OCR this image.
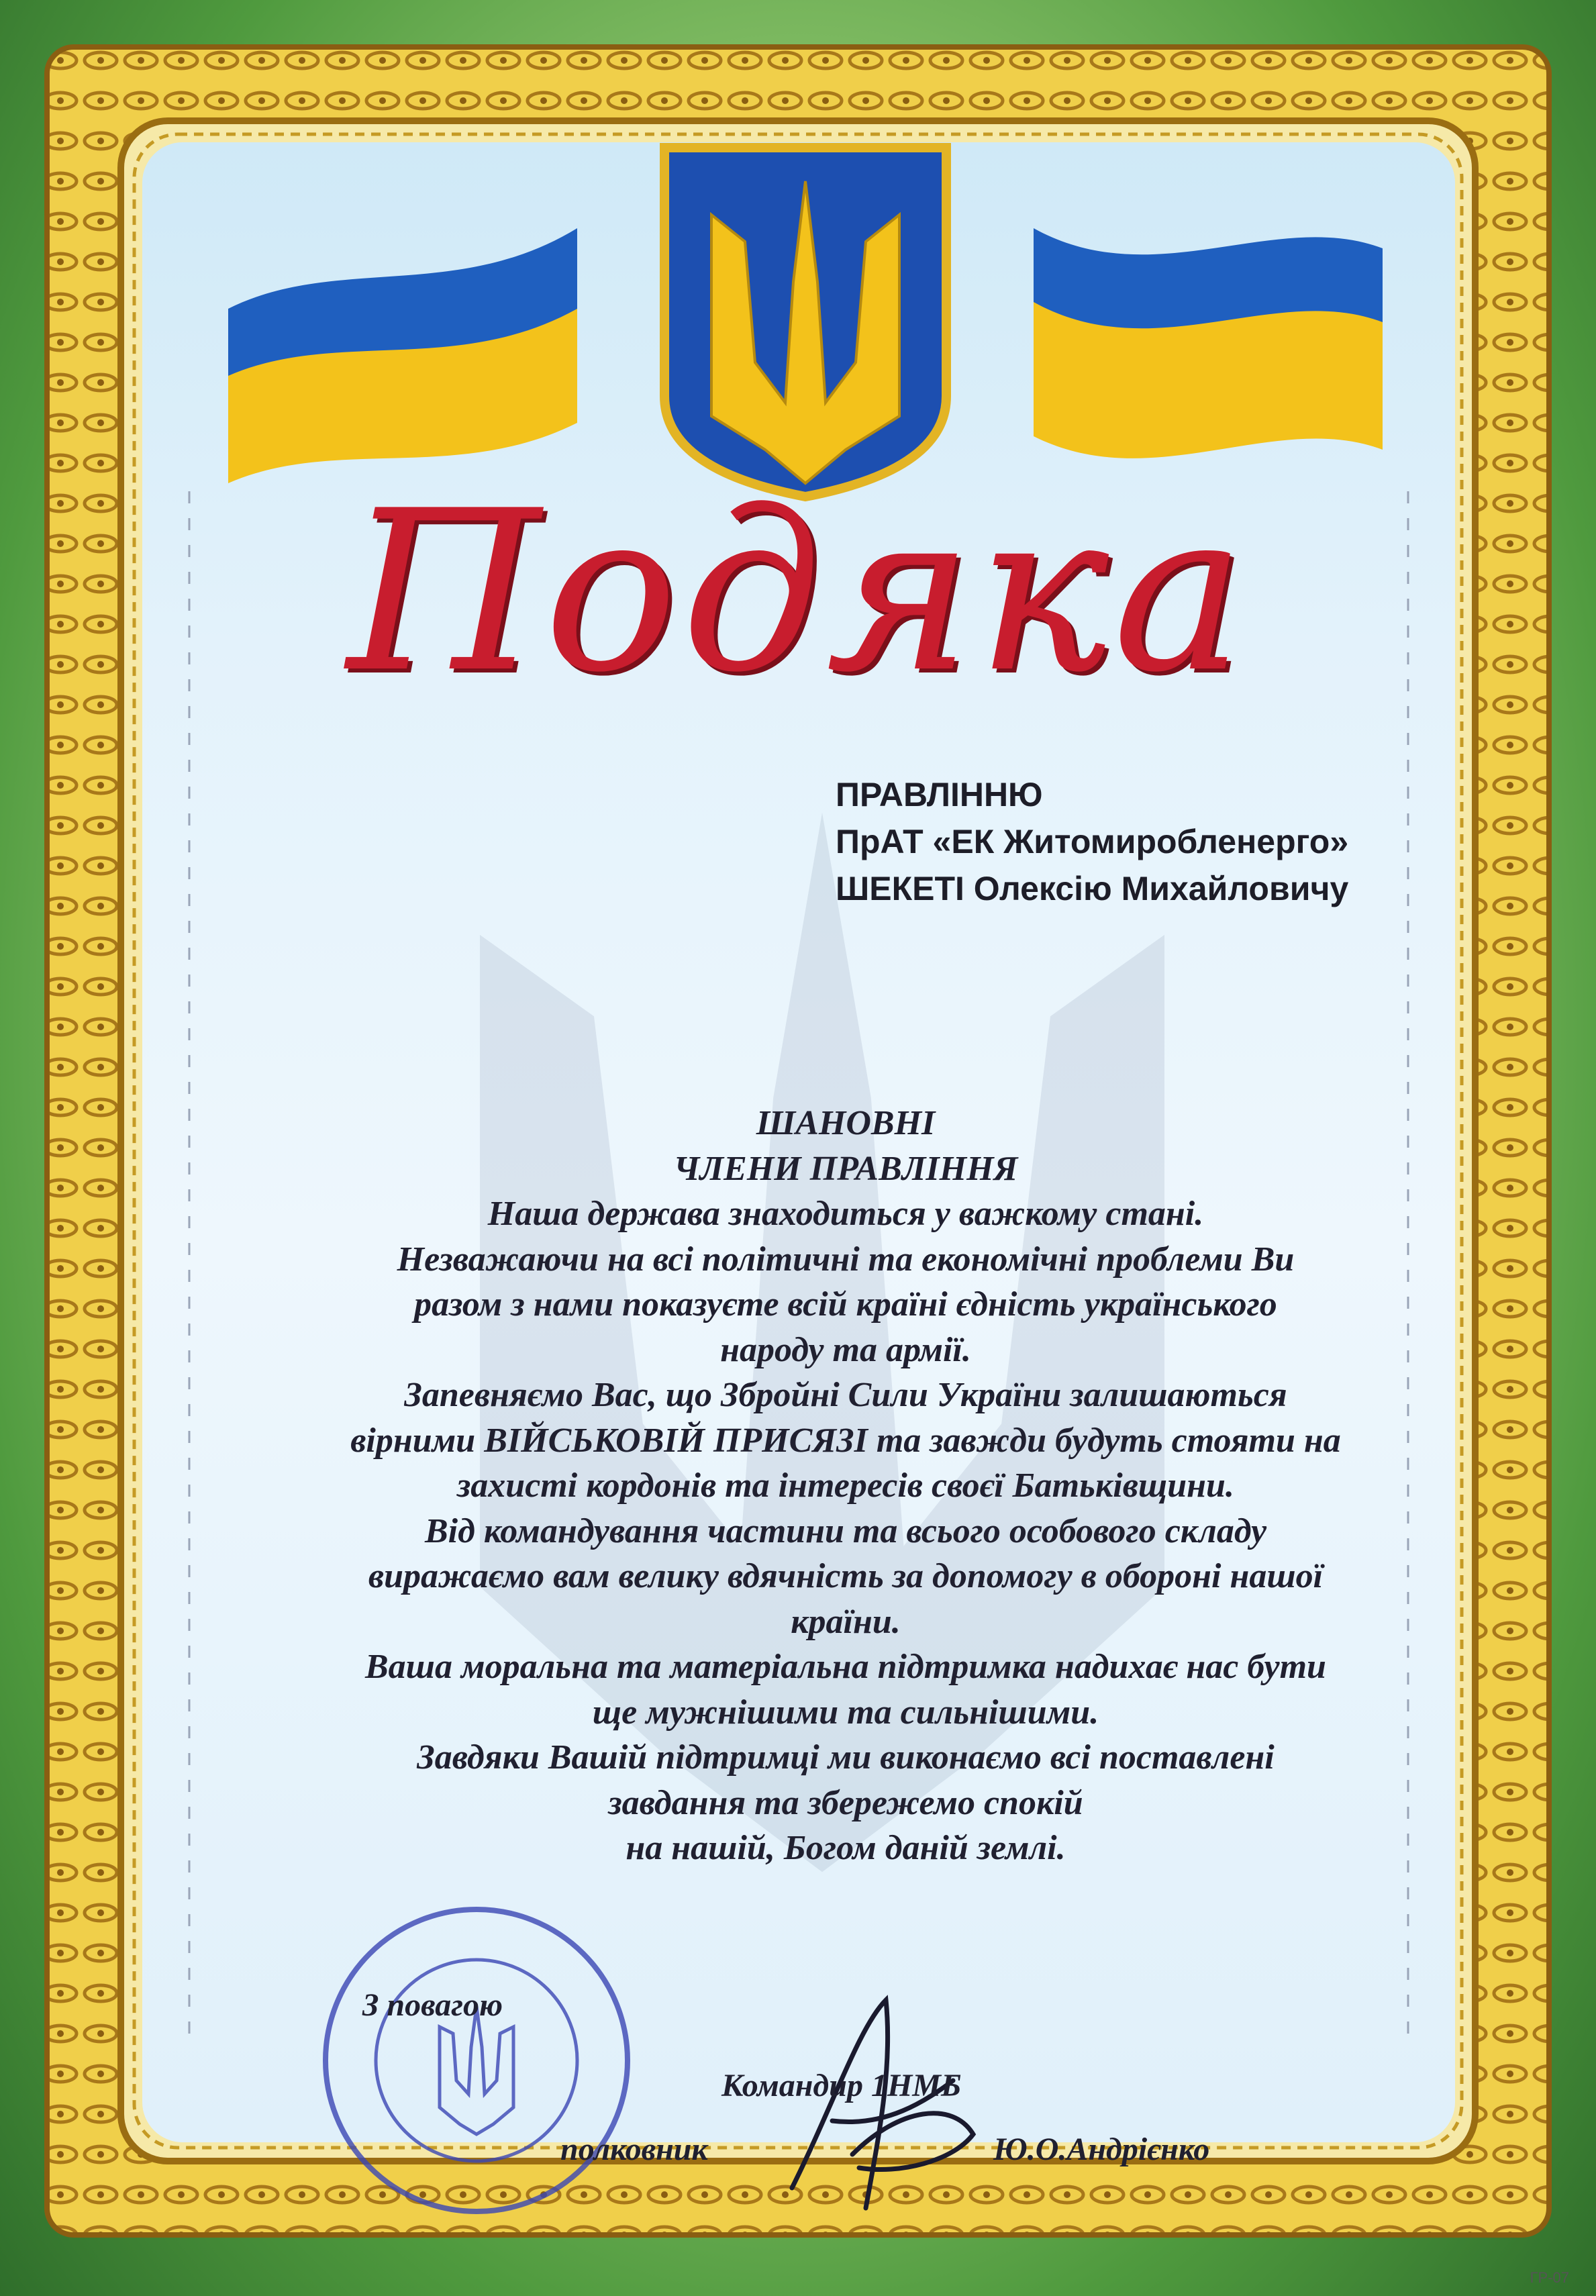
Подяка
ПРАВЛІННЮ
ПрАТ «ЕК Житомиробленерго»
ШЕКЕТІ Олексію Михайловичу
ШАНОВНІ
ЧЛЕНИ ПРАВЛІННЯ
Наша держава знаходиться у важкому стані.
Незважаючи на всі політичні та економічні проблеми Ви
разом з нами показуєте всій країні єдність українського
народу та армії.
Запевняємо Вас, що Збройні Сили України залишаються
вірними ВІЙСЬКОВІЙ ПРИСЯЗІ та завжди будуть стояти на
захисті кордонів та інтересів своєї Батьківщини.
Від командування частини та всього особового складу
виражаємо вам велику вдячність за допомогу в обороні нашої
країни.
Ваша моральна та матеріальна підтримка надихає нас бути
ще мужнішими та сильнішими.
Завдяки Вашій підтримці ми виконаємо всі поставлені
завдання та збережемо спокій
на нашій, Богом даній землі.
З повагою
Командир 1НМБ
полковник	Ю.О.Андрієнко
ГР-07
